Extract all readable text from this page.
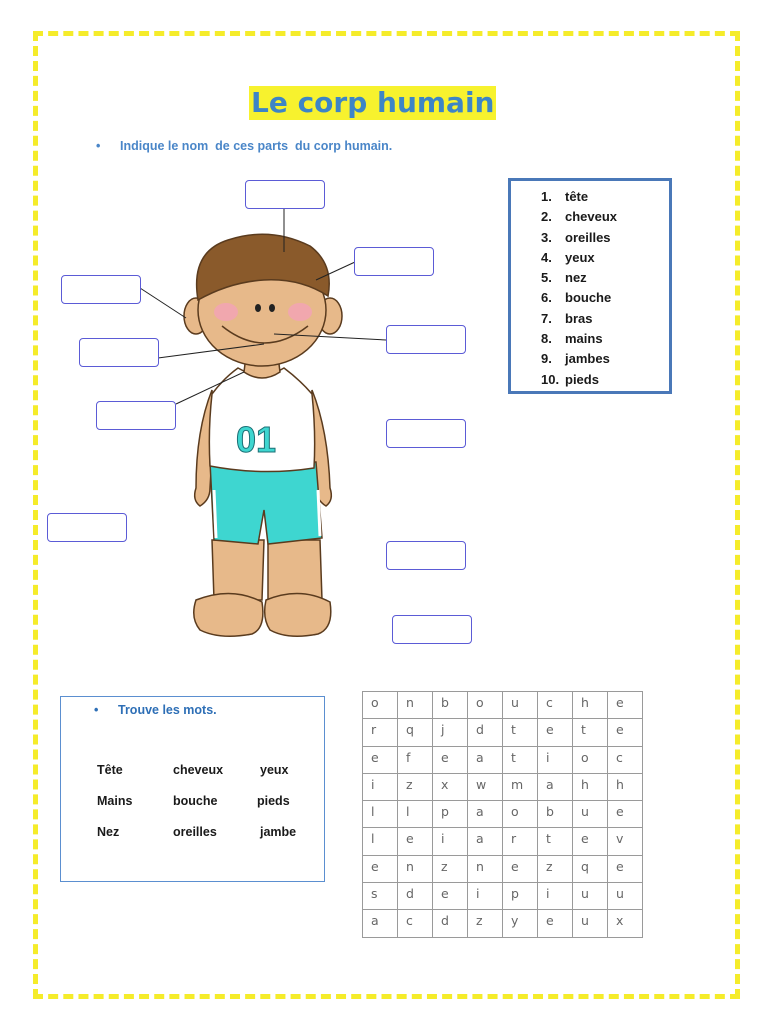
Le corp humain
• Indique le nom  de ces parts  du corp humain.
01
1. tête
2. cheveux
3. oreilles
4. yeux
5. nez
6. bouche
7. bras
8. mains
9. jambes
10. pieds
• Trouve les mots.
Tête	cheveux	yeux
Mains	bouche	pieds
Nez	oreilles	jambe
o	n	b	o	u	c	h	e
r	q	j	d	t	e	t	e
e	f	e	a	t	i	o	c
i	z	x	w	m	a	h	h
l	l	p	a	o	b	u	e
l	e	i	a	r	t	e	v
e	n	z	n	e	z	q	e
s	d	e	i	p	i	u	u
a	c	d	z	y	e	u	x
